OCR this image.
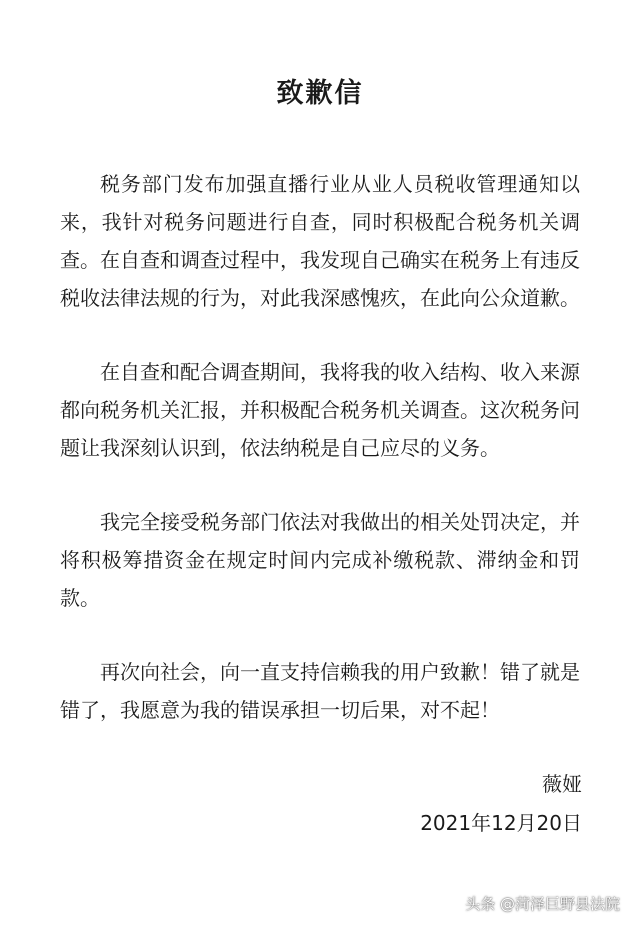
致歉信

税务部门发布加强直播行业从业人员税收管理通知以来，我针对税务问题进行自查，同时积极配合税务机关调查。在自查和调查过程中，我发现自己确实在税务上有违反税收法律法规的行为，对此我深感愧疚，在此向公众道歉。

在自查和配合调查期间，我将我的收入结构、收入来源都向税务机关汇报，并积极配合税务机关调查。这次税务问题让我深刻认识到，依法纳税是自己应尽的义务。

我完全接受税务部门依法对我做出的相关处罚决定，并将积极筹措资金在规定时间内完成补缴税款、滞纳金和罚款。

再次向社会，向一直支持信赖我的用户致歉！错了就是错了，我愿意为我的错误承担一切后果，对不起！

薇娅
2021年12月20日
头条 @菏泽巨野县法院
